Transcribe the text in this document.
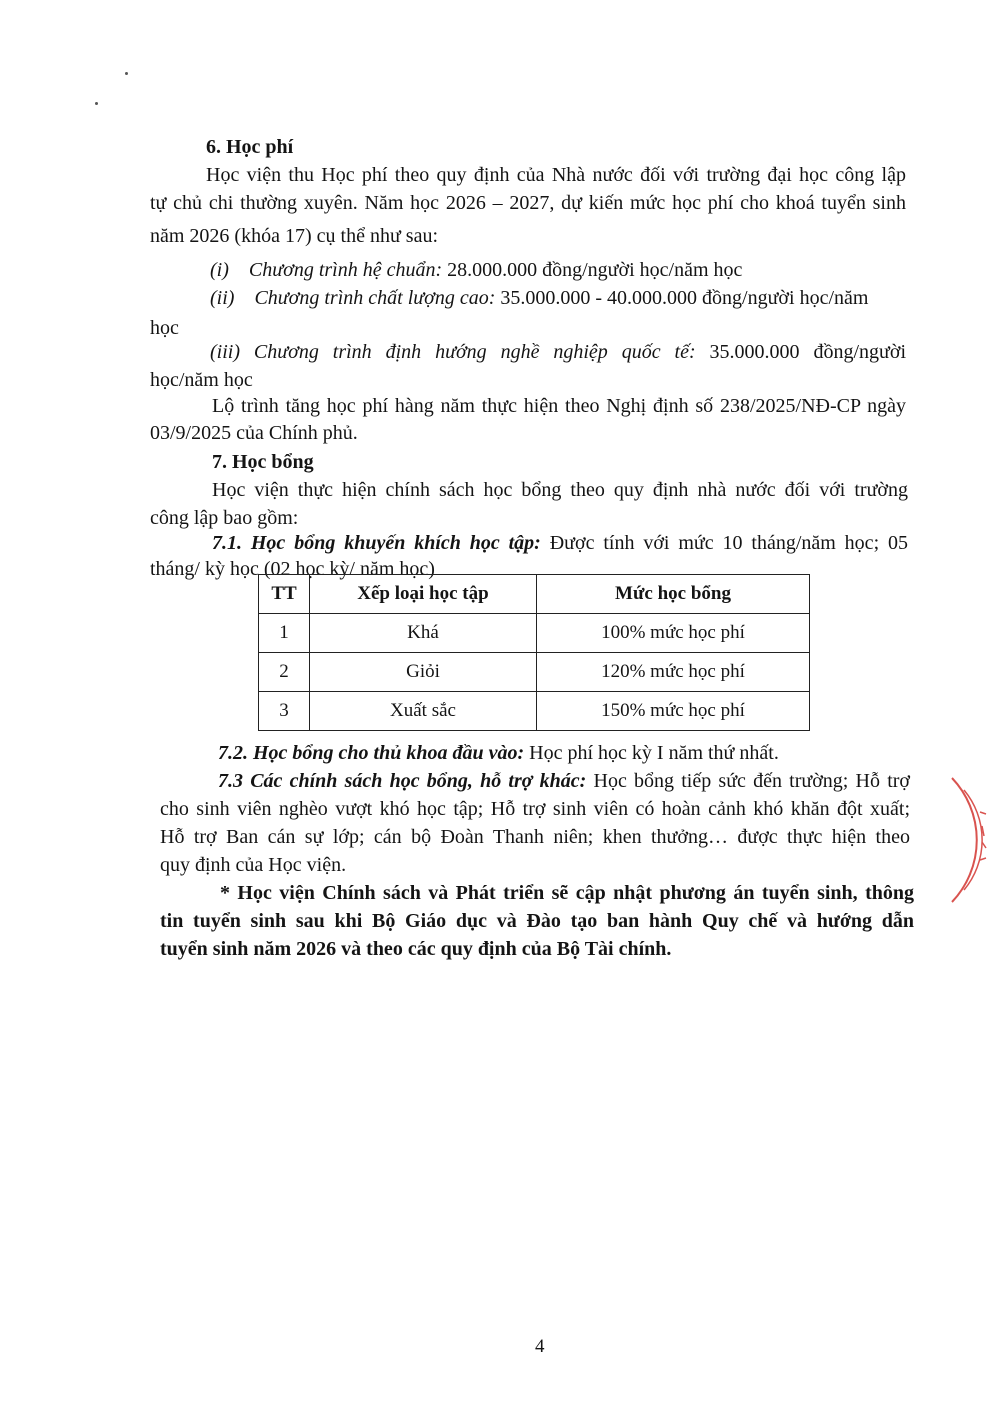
6. Học phí
Học viện thu Học phí theo quy định của Nhà nước đối với trường đại học công lập
tự chủ chi thường xuyên. Năm học 2026 – 2027, dự kiến mức học phí cho khoá tuyển sinh
năm 2026 (khóa 17) cụ thể như sau:
(i) Chương trình hệ chuẩn: 28.000.000 đồng/người học/năm học
(ii) Chương trình chất lượng cao: 35.000.000 - 40.000.000 đồng/người học/năm
học
(iii) Chương trình định hướng nghề nghiệp quốc tế: 35.000.000 đồng/người
học/năm học
Lộ trình tăng học phí hàng năm thực hiện theo Nghị định số 238/2025/NĐ-CP ngày
03/9/2025 của Chính phủ.
7. Học bổng
Học viện thực hiện chính sách học bổng theo quy định nhà nước đối với trường
công lập bao gồm:
7.1. Học bổng khuyến khích học tập: Được tính với mức 10 tháng/năm học; 05
tháng/ kỳ học (02 học kỳ/ năm học)
TT	Xếp loại học tập	Mức học bổng
1	Khá	100% mức học phí
2	Giỏi	120% mức học phí
3	Xuất sắc	150% mức học phí
7.2. Học bổng cho thủ khoa đầu vào: Học phí học kỳ I năm thứ nhất.
7.3 Các chính sách học bổng, hỗ trợ khác: Học bổng tiếp sức đến trường; Hỗ trợ
cho sinh viên nghèo vượt khó học tập; Hỗ trợ sinh viên có hoàn cảnh khó khăn đột xuất;
Hỗ trợ Ban cán sự lớp; cán bộ Đoàn Thanh niên; khen thưởng… được thực hiện theo
quy định của Học viện.
* Học viện Chính sách và Phát triển sẽ cập nhật phương án tuyển sinh, thông
tin tuyển sinh sau khi Bộ Giáo dục và Đào tạo ban hành Quy chế và hướng dẫn
tuyển sinh năm 2026 và theo các quy định của Bộ Tài chính.
4
